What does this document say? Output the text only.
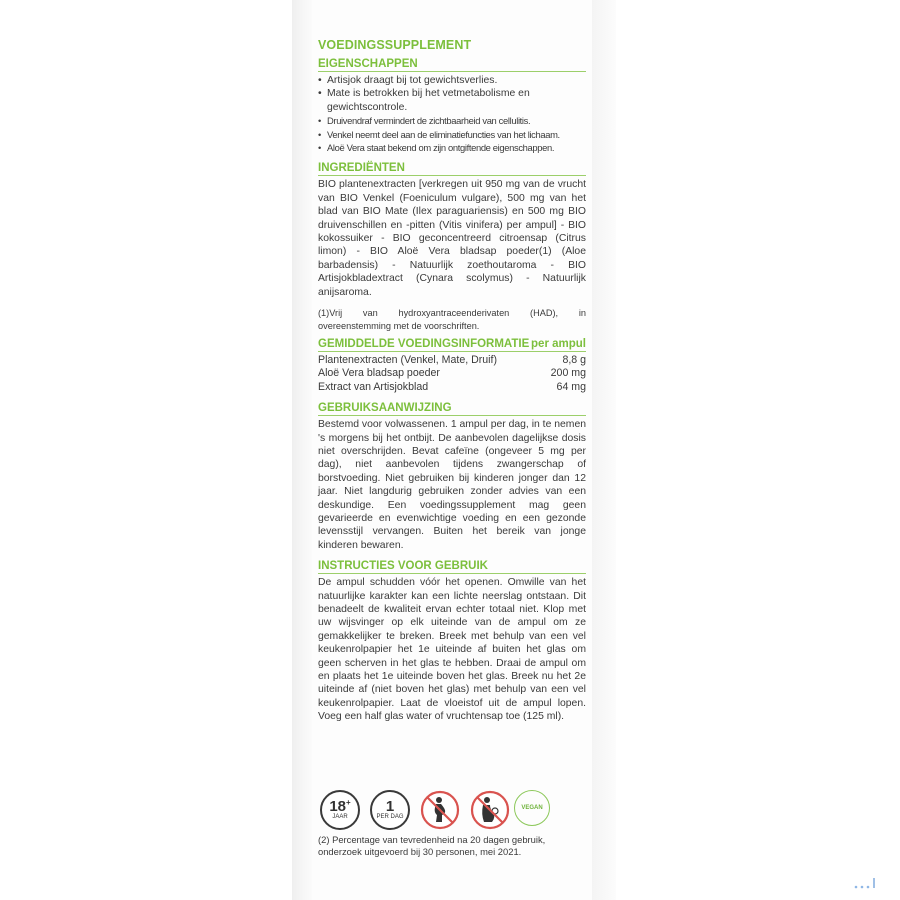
VOEDINGSSUPPLEMENT
EIGENSCHAPPEN
• Artisjok draagt bij tot gewichtsverlies.
• Mate is betrokken bij het vetmetabolisme en gewichtscontrole.
• Druivendraf vermindert de zichtbaarheid van cellulitis.
• Venkel neemt deel aan de eliminatiefuncties van het lichaam.
• Aloë Vera staat bekend om zijn ontgiftende eigenschappen.
INGREDIËNTEN

BIO plantenextracten [verkregen uit 950 mg van de vrucht van BIO Venkel (Foeniculum vulgare), 500 mg van het blad van BIO Mate (Ilex paraguariensis) en 500 mg BIO druivenschillen en -pitten (Vitis vinifera) per ampul] - BIO kokossuiker - BIO geconcentreerd citroensap (Citrus limon) - BIO Aloë Vera bladsap poeder(1) (Aloe barbadensis) - Natuurlijk zoethoutaroma - BIO Artisjokbladextract (Cynara scolymus) - Natuurlijk anijsaroma.

(1)Vrij van hydroxyantraceenderivaten (HAD), in overeenstemming met de voorschriften.

GEMIDDELDE VOEDINGSINFORMATIE per ampul
Plantenextracten (Venkel, Mate, Druif)	8,8 g
Aloë Vera bladsap poeder	200 mg
Extract van Artisjokblad	64 mg
GEBRUIKSAANWIJZING

Bestemd voor volwassenen. 1 ampul per dag, in te nemen 's morgens bij het ontbijt. De aanbevolen dagelijkse dosis niet overschrijden. Bevat cafeïne (ongeveer 5 mg per dag), niet aanbevolen tijdens zwangerschap of borstvoeding. Niet gebruiken bij kinderen jonger dan 12 jaar. Niet langdurig gebruiken zonder advies van een deskundige. Een voedingssupplement mag geen gevarieerde en evenwichtige voeding en een gezonde levensstijl vervangen. Buiten het bereik van jonge kinderen bewaren.

INSTRUCTIES VOOR GEBRUIK

De ampul schudden vóór het openen. Omwille van het natuurlijke karakter kan een lichte neerslag ontstaan. Dit benadeelt de kwaliteit ervan echter totaal niet. Klop met uw wijsvinger op elk uiteinde van de ampul om ze gemakkelijker te breken. Breek met behulp van een vel keukenrolpapier het 1e uiteinde af buiten het glas om geen scherven in het glas te hebben. Draai de ampul om en plaats het 1e uiteinde boven het glas. Breek nu het 2e uiteinde af (niet boven het glas) met behulp van een vel keukenrolpapier. Laat de vloeistof uit de ampul lopen. Voeg een half glas water of vruchtensap toe (125 ml).

18+
JAAR
1
PER DAG
VEGAN
(2) Percentage van tevredenheid na 20 dagen gebruik, onderzoek uitgevoerd bij 30 personen, mei 2021.
